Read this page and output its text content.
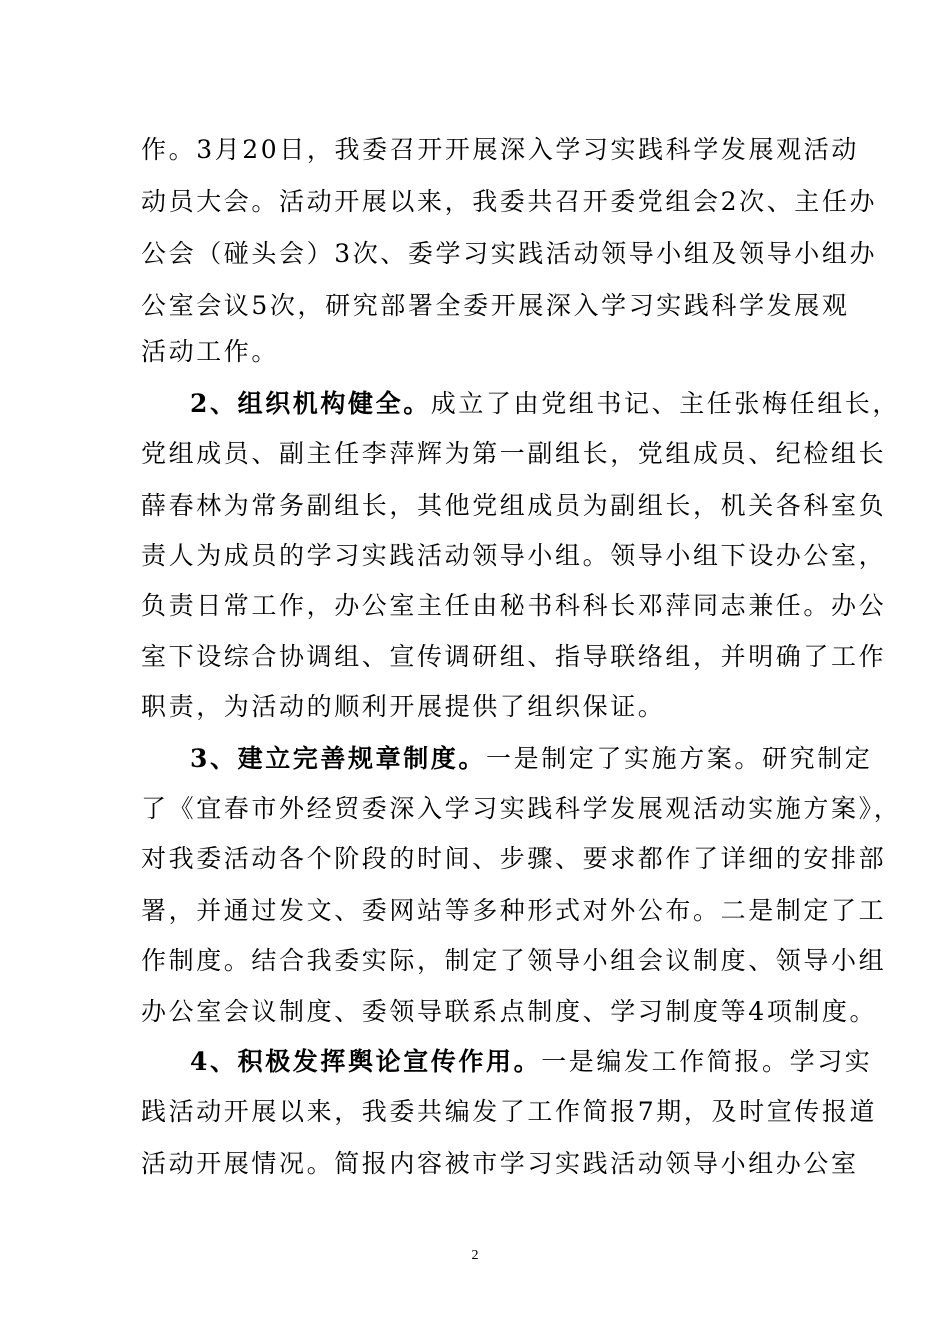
作。3月20日，我委召开开展深入学习实践科学发展观活动
动员大会。活动开展以来，我委共召开委党组会2次、主任办
公会（碰头会）3次、委学习实践活动领导小组及领导小组办
公室会议5次，研究部署全委开展深入学习实践科学发展观
活动工作。
2、组织机构健全。成立了由党组书记、主任张梅任组长，
党组成员、副主任李萍辉为第一副组长，党组成员、纪检组长
薛春林为常务副组长，其他党组成员为副组长，机关各科室负
责人为成员的学习实践活动领导小组。领导小组下设办公室，
负责日常工作，办公室主任由秘书科科长邓萍同志兼任。办公
室下设综合协调组、宣传调研组、指导联络组，并明确了工作
职责，为活动的顺利开展提供了组织保证。
3、建立完善规章制度。一是制定了实施方案。研究制定
了《宜春市外经贸委深入学习实践科学发展观活动实施方案》，
对我委活动各个阶段的时间、步骤、要求都作了详细的安排部
署，并通过发文、委网站等多种形式对外公布。二是制定了工
作制度。结合我委实际，制定了领导小组会议制度、领导小组
办公室会议制度、委领导联系点制度、学习制度等4项制度。
4、积极发挥舆论宣传作用。一是编发工作简报。学习实
践活动开展以来，我委共编发了工作简报7期，及时宣传报道
活动开展情况。简报内容被市学习实践活动领导小组办公室
2
